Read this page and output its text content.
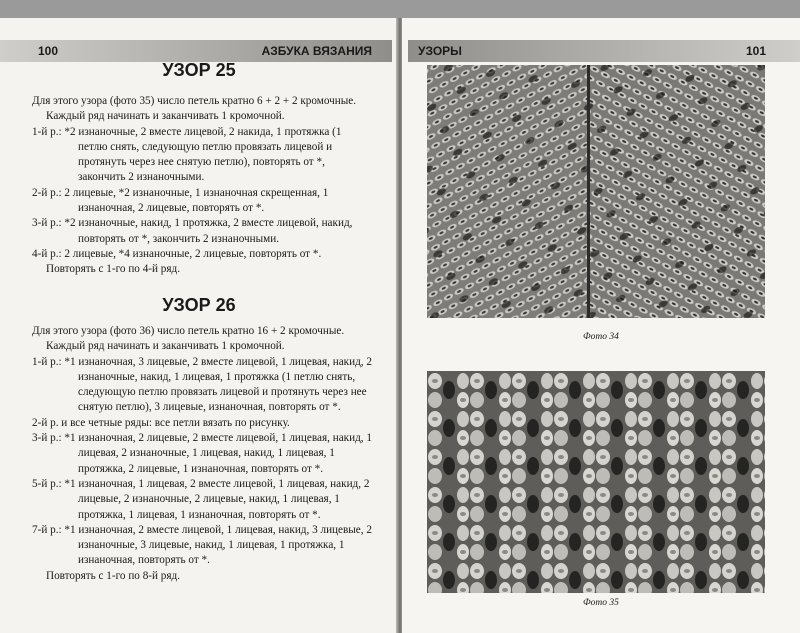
100	АЗБУКА ВЯЗАНИЯ
УЗОР 25

Для этого узора (фото 35) число петель кратно 6 + 2 + 2 кромочные.

Каждый ряд начинать и заканчивать 1 кромочной.

1-й р.: *2 изнаночные, 2 вместе лицевой, 2 накида, 1 протяжка (1 петлю снять, следующую петлю провязать лицевой и протянуть через нее снятую петлю), повторять от *, закончить 2 изнаночными.

2-й р.: 2 лицевые, *2 изнаночные, 1 изнаночная скрещенная, 1 изнаночная, 2 лицевые, повторять от *.

3-й р.: *2 изнаночные, накид, 1 протяжка, 2 вместе лицевой, накид, повторять от *, закончить 2 изнаночными.

4-й р.: 2 лицевые, *4 изнаночные, 2 лицевые, повторять от *.

Повторять с 1-го по 4-й ряд.

УЗОР 26

Для этого узора (фото 36) число петель кратно 16 + 2 кромочные.

Каждый ряд начинать и заканчивать 1 кромочной.

1-й р.: *1 изнаночная, 3 лицевые, 2 вместе лицевой, 1 лицевая, накид, 2 изнаночные, накид, 1 лицевая, 1 протяжка (1 петлю снять, следующую петлю провязать лицевой и протянуть через нее снятую петлю), 3 лицевые, изнаночная, повторять от *.

2-й р. и все четные ряды: все петли вязать по рисунку.

3-й р.: *1 изнаночная, 2 лицевые, 2 вместе лицевой, 1 лицевая, накид, 1 лицевая, 2 изнаночные, 1 лицевая, накид, 1 лицевая, 1 протяжка, 2 лицевые, 1 изнаночная, повторять от *.

5-й р.: *1 изнаночная, 1 лицевая, 2 вместе лицевой, 1 лицевая, накид, 2 лицевые, 2 изнаночные, 2 лицевые, накид, 1 лицевая, 1 протяжка, 1 лицевая, 1 изнаночная, повторять от *.

7-й р.: *1 изнаночная, 2 вместе лицевой, 1 лицевая, накид, 3 лицевые, 2 изнаночные, 3 лицевые, накид, 1 лицевая, 1 протяжка, 1 изнаночная, повторять от *.

Повторять с 1-го по 8-й ряд.

УЗОРЫ	101
Фото 34
Фото 35
